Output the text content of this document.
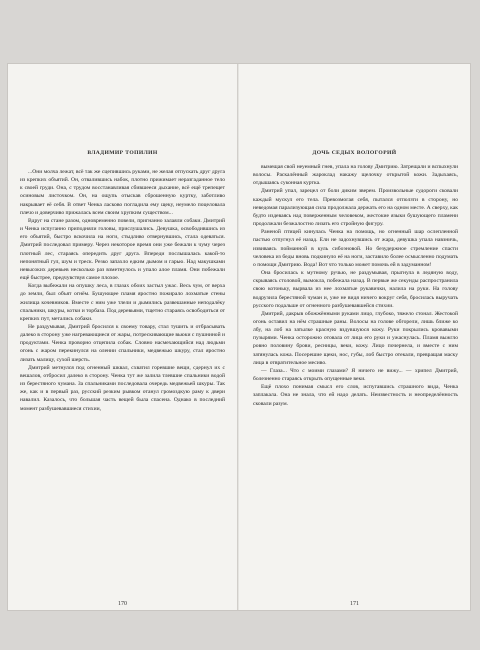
ВЛАДИМИР ТОПИЛИН

...Они молча лежат, всё так же сцепившись руками, не желая отпускать друг друга из крепких объятий. Он, отвалившись набок, плотно прижимает неразгаданное тело к своей груди. Она, с трудом восстанавливая сбившееся дыхание, всё ещё трепещет осиновым листочком. Он, на ощупь отыскав сброшенную куртку, заботливо накрывает её себя. В ответ Ченка ласково погладила ему щеку, неумело поцеловала плечо и доверчиво прижалась всем своим хрупким существом...

Вдруг на стане разом, одновременно повели, пригнанно залаяли собаки. Дмитрий и Ченка испуганно приподняли головы, прислушались. Девушка, освободившись из его объятий, быстро вскочила на ноги, стыдливо отвернувшись, стала одеваться. Дмитрий последовал примеру. Через некоторое время они уже бежали к чуму через плотный лес, стараясь опередить друг друга. Впереди послышалась какой-то непонятный гул, шум и треск. Резко запахло едким дымом и гарью. Над макушками невысоких деревьев несколько раз взметнулось и упало алое пламя. Они побежали ещё быстрее, предчувствуя самое плохое.

Когда выбежали на опушку леса, в глазах обоих застыл ужас. Весь чум, от верха до земли, был объят огнём. Бушующее пламя яростно пожирало лохматые стены жилища кочевников. Вместе с ним уже тлели и дымились развешанные неподалёку спальники, шкуры, котки и торбаза. Под деревьями, тщетно стараясь освободиться от крепких пут, метались собаки.

Не раздумывая, Дмитрий бросился к своему товару, стал тушить и отбрасывать далеко в сторону уже нагревающиеся от жары, потрескивающие вьюки с пушниной и продуктами. Ченка проворно отцепила собак. Словно насмехающийся над людьми огонь с жаром перекинулся на олении спальники, медвежью шкуру, стал яростно лизать малицу, сухой шерсть.

Дмитрий метнулся под огненный шквал, схватил горевшие вещи, сдернул их с вешалов, отбросил далеко в сторону. Ченка тут же залила тлевшие спальники водой из берестяного чумана. За спальниками последовала очередь медвежьей шкуры. Так же, как и в первый раз, русский резким рывком отанул громоздкую раму к двери навалил. Казалось, что большая часть вещей была спасена. Однако в последний момент разбушевавшиеся стихии,

170
ДОЧЬ СЕДЫХ ВОЛОГОРИЙ

вымещая свой неуемный гнев, упала на голову Дмитрию. Затрещали и вспыхнули волосы. Раскалённый жароклад накажу щелочку открытой кожи. Задыхаясь, отдышаясь суконная куртка.

Дмитрий упал, зарецел от боли диким зверем. Произвольные судороги сковали каждый мускул его тела. Превозмогая себя, пытался отползти в сторону, но неведомая парализующая сила продолжала держать его на одном месте. А сверху, как будто издеваясь над поверженным человеком, жестокие языки бушующего пламени продолжали безжалостно лизать его стройную фигуру.

Раненой птицей кинулась Ченка на помощь, но огненный шар ослепленной пастью отпугнул её назад. Ели не задохнувшись от жара, девушка упала навзничь, извиваясь пойманной в куль сибоэновой. Но безудержное стремление спасти человека из беды вновь подкинуло её на ноги, заставило более осмысленно подумать о помощи Дмитрию. Вода! Вот что только может помочь ей в задуманном!

Она бросилась к мутному ручью, не раздумывая, прыгнула в ледяную воду, скрываясь столовой, вымокла, побежала назад. В первые же секунды распространила свою котоньку, вырвала из нее лохматые рукавички, налила на руки. На голову водрузила берестяной чуман и, уже не видя ничего вокруг себя, бросилась выручать русского подальше от огненного разбушевавшейся стихии.

Дмитрий, дакрыв обожжёнными руками лицо, глубоко, тяжело стонал. Жестокой огонь оставил на нём страшные раны. Волосы на голове обгорели, лишь ближе ко лбу, на лоб на затылке красную вздувшуюся кожу. Руки покрылись кровавыми пузырями. Ченка осторожно отовала от лица его руки и ужаснулась. Пламя выжгло ровно половину брови, ресницы, веки, кожу. Лицо почернела, и вместе с ним затянулась кожа. Посерешие щеки, нос, губы, лоб быстро отекали, превращая маску лица в отвратительное месиво.

— Глаза... Что с моими глазами? Я ничего не вижу... — хрипел Дмитрий, болезненно стараясь открыть опущенные веки.

Ещё плохо понимая смысл его слов, испугавшись страшного вида, Ченка заплакала. Она не знала, что ей надо делать. Неизвестность и неопределённость сковали разум.

171
